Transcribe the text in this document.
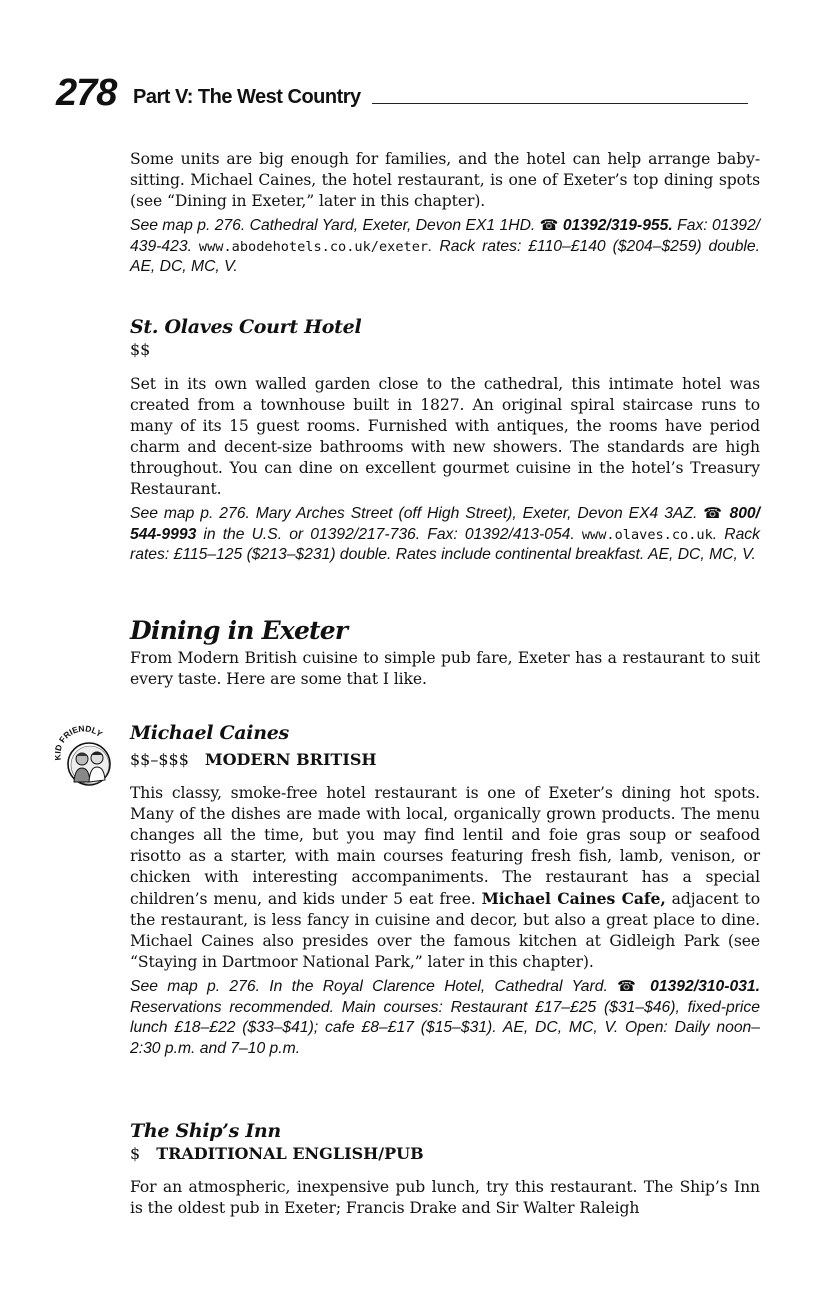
278 Part V: The West Country

Some units are big enough for families, and the hotel can help arrange baby-sitting. Michael Caines, the hotel restaurant, is one of Exeter’s top dining spots (see “Dining in Exeter,” later in this chapter).

See map p. 276. Cathedral Yard, Exeter, Devon EX1 1HD. ☎ 01392/319-955. Fax: 01392/ 439-423. www.abodehotels.co.uk/exeter. Rack rates: £110–£140 ($204–$259) double. AE, DC, MC, V.

St. Olaves Court Hotel

$$

Set in its own walled garden close to the cathedral, this intimate hotel was created from a townhouse built in 1827. An original spiral staircase runs to many of its 15 guest rooms. Furnished with antiques, the rooms have period charm and decent-size bathrooms with new showers. The standards are high throughout. You can dine on excellent gourmet cuisine in the hotel’s Treasury Restaurant.

See map p. 276. Mary Arches Street (off High Street), Exeter, Devon EX4 3AZ. ☎ 800/ 544-9993 in the U.S. or 01392/217-736. Fax: 01392/413-054. www.olaves.co.uk. Rack rates: £115–125 ($213–$231) double. Rates include continental breakfast. AE, DC, MC, V.

Dining in Exeter

From Modern British cuisine to simple pub fare, Exeter has a restaurant to suit every taste. Here are some that I like.

FRIENDLY Michael Caines

$$–$$$ MODERN BRITISH

This classy, smoke-free hotel restaurant is one of Exeter’s dining hot spots. Many of the dishes are made with local, organically grown products. The menu changes all the time, but you may find lentil and foie gras soup or seafood risotto as a starter, with main courses featuring fresh fish, lamb, venison, or chicken with interesting accompaniments. The restaurant has a special children’s menu, and kids under 5 eat free. Michael Caines Cafe, adjacent to the restaurant, is less fancy in cuisine and decor, but also a great place to dine. Michael Caines also presides over the famous kitchen at Gidleigh Park (see “Staying in Dartmoor National Park,” later in this chapter).

See map p. 276. In the Royal Clarence Hotel, Cathedral Yard. ☎ 01392/310-031. Reservations recommended. Main courses: Restaurant £17–£25 ($31–$46), fixed-price lunch £18–£22 ($33–$41); cafe £8–£17 ($15–$31). AE, DC, MC, V. Open: Daily noon–2:30 p.m. and 7–10 p.m.

The Ship’s Inn

$ TRADITIONAL ENGLISH/PUB

For an atmospheric, inexpensive pub lunch, try this restaurant. The Ship’s Inn is the oldest pub in Exeter; Francis Drake and Sir Walter Raleigh
